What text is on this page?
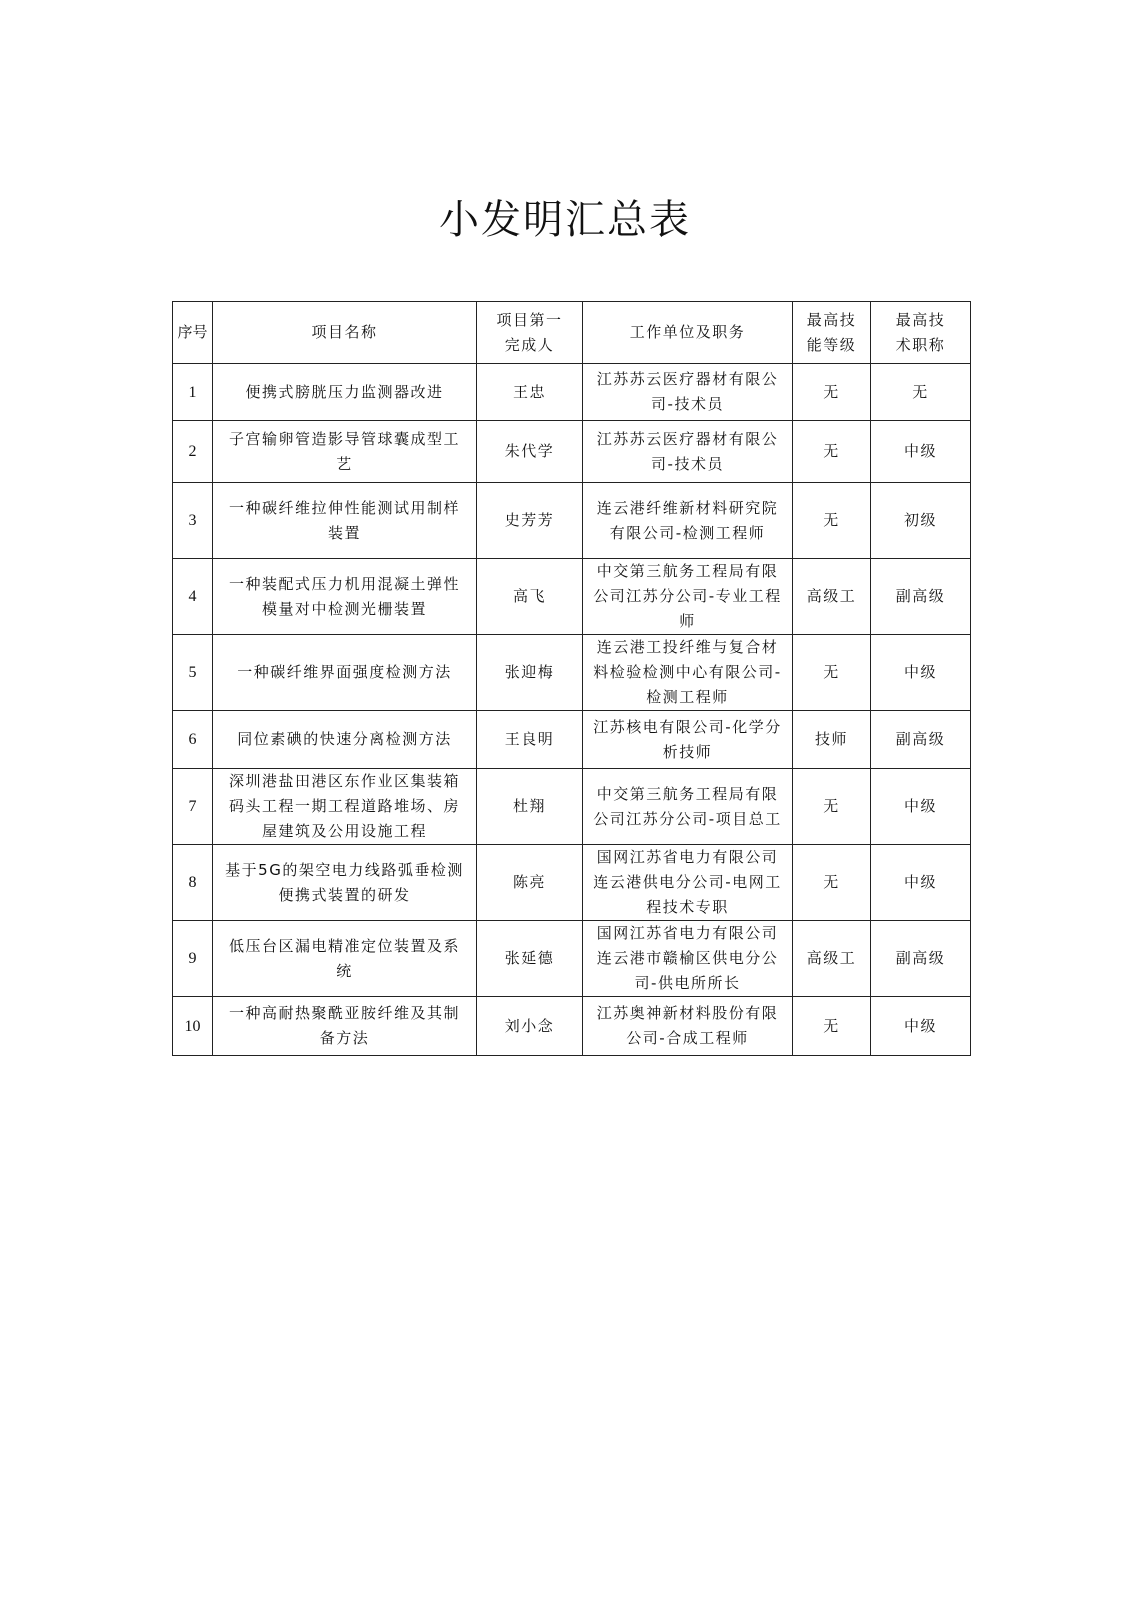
小发明汇总表
序号	项目名称	项目第一完成人	工作单位及职务	最高技能等级	最高技术职称
1	便携式膀胱压力监测器改进	王忠	江苏苏云医疗器材有限公司-技术员	无	无
2	子宫输卵管造影导管球囊成型工艺	朱代学	江苏苏云医疗器材有限公司-技术员	无	中级
3	一种碳纤维拉伸性能测试用制样装置	史芳芳	连云港纤维新材料研究院有限公司-检测工程师	无	初级
4	一种装配式压力机用混凝土弹性模量对中检测光栅装置	高飞	中交第三航务工程局有限公司江苏分公司-专业工程师	高级工	副高级
5	一种碳纤维界面强度检测方法	张迎梅	连云港工投纤维与复合材料检验检测中心有限公司-检测工程师	无	中级
6	同位素碘的快速分离检测方法	王良明	江苏核电有限公司-化学分析技师	技师	副高级
7	深圳港盐田港区东作业区集装箱码头工程一期工程道路堆场、房屋建筑及公用设施工程	杜翔	中交第三航务工程局有限公司江苏分公司-项目总工	无	中级
8	基于5G的架空电力线路弧垂检测便携式装置的研发	陈亮	国网江苏省电力有限公司连云港供电分公司-电网工程技术专职	无	中级
9	低压台区漏电精准定位装置及系统	张延德	国网江苏省电力有限公司连云港市赣榆区供电分公司-供电所所长	高级工	副高级
10	一种高耐热聚酰亚胺纤维及其制备方法	刘小念	江苏奥神新材料股份有限公司-合成工程师	无	中级
